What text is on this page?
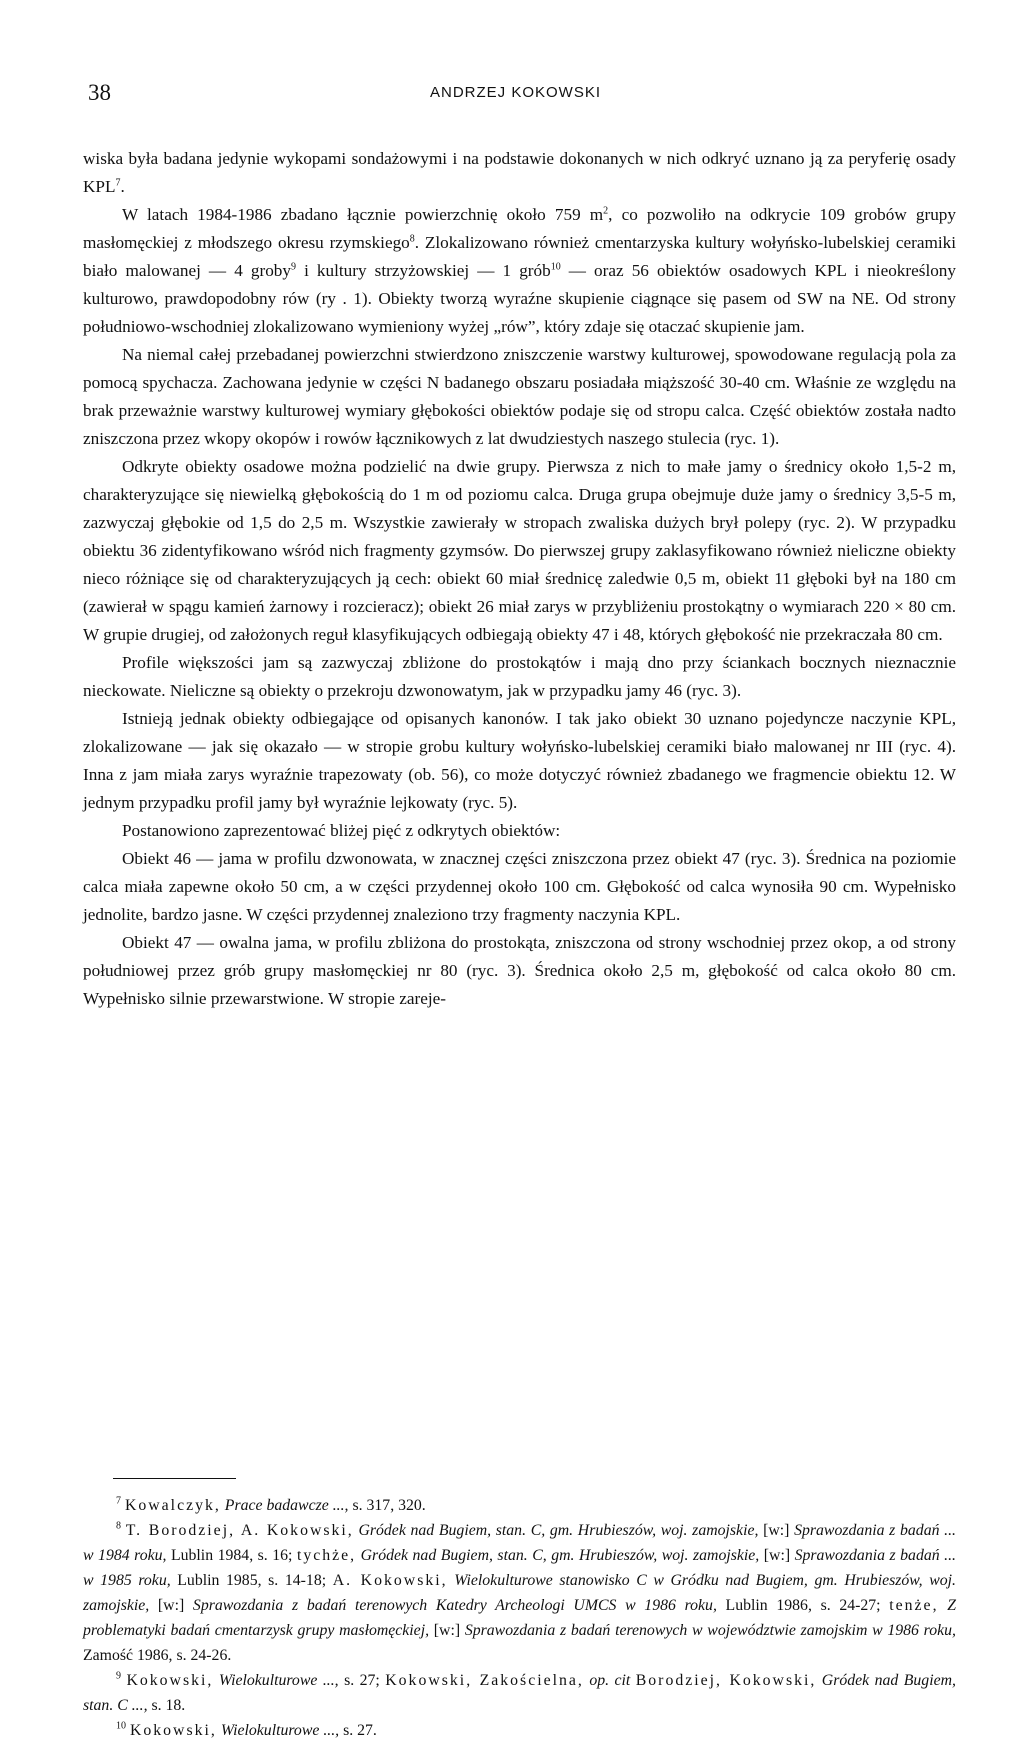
38	ANDRZEJ KOKOWSKI

wiska była badana jedynie wykopami sondażowymi i na podstawie dokonanych w nich odkryć uznano ją za peryferię osady KPL$^7$.

W latach 1984-1986 zbadano łącznie powierzchnię około 759 $m^2$, co pozwoliło na odkrycie 109 grobów grupy masłomęckiej z młodszego okresu rzymskiego$^8$. Zlokalizowano również cmentarzyska kultury wołyńsko-lubelskiej ceramiki biało malowanej — 4 groby$^9$ i kultury strzyżowskiej — 1 grób$^{10}$ — oraz 56 obiektów osadowych KPL i nieokreślony kulturowo, prawdopodobny rów (ry . 1). Obiekty tworzą wyraźne skupienie ciągnące się pasem od SW na NE. Od strony południowo-wschodniej zlokalizowano wymieniony wyżej „rów”, który zdaje się otaczać skupienie jam.

Na niemal całej przebadanej powierzchni stwierdzono zniszczenie warstwy kulturowej, spowodowane regulacją pola za pomocą spychacza. Zachowana jedynie w części N badanego obszaru posiadała miąższość 30-40 cm. Właśnie ze względu na brak przeważnie warstwy kulturowej wymiary głębokości obiektów podaje się od stropu calca. Część obiektów została nadto zniszczona przez wkopy okopów i rowów łącznikowych z lat dwudziestych naszego stulecia (ryc. 1).

Odkryte obiekty osadowe można podzielić na dwie grupy. Pierwsza z nich to małe jamy o średnicy około 1,5-2 m, charakteryzujące się niewielką głębokością do 1 m od poziomu calca. Druga grupa obejmuje duże jamy o średnicy 3,5-5 m, zazwyczaj głębokie od 1,5 do 2,5 m. Wszystkie zawierały w stropach zwaliska dużych brył polepy (ryc. 2). W przypadku obiektu 36 zidentyfikowano wśród nich fragmenty gzymsów. Do pierwszej grupy zaklasyfikowano również nieliczne obiekty nieco różniące się od charakteryzujących ją cech: obiekt 60 miał średnicę zaledwie 0,5 m, obiekt 11 głęboki był na 180 cm (zawierał w spągu kamień żarnowy i rozcieracz); obiekt 26 miał zarys w przybliżeniu prostokątny o wymiarach 220 × 80 cm. W grupie drugiej, od założonych reguł klasyfikujących odbiegają obiekty 47 i 48, których głębokość nie przekraczała 80 cm.

Profile większości jam są zazwyczaj zbliżone do prostokątów i mają dno przy ściankach bocznych nieznacznie nieckowate. Nieliczne są obiekty o przekroju dzwonowatym, jak w przypadku jamy 46 (ryc. 3).

Istnieją jednak obiekty odbiegające od opisanych kanonów. I tak jako obiekt 30 uznano pojedyncze naczynie KPL, zlokalizowane — jak się okazało — w stropie grobu kultury wołyńsko-lubelskiej ceramiki biało malowanej nr III (ryc. 4). Inna z jam miała zarys wyraźnie trapezowaty (ob. 56), co może dotyczyć również zbadanego we fragmencie obiektu 12. W jednym przypadku profil jamy był wyraźnie lejkowaty (ryc. 5).

Postanowiono zaprezentować bliżej pięć z odkrytych obiektów:

Obiekt 46 — jama w profilu dzwonowata, w znacznej części zniszczona przez obiekt 47 (ryc. 3). Średnica na poziomie calca miała zapewne około 50 cm, a w części przydennej około 100 cm. Głębokość od calca wynosiła 90 cm. Wypełnisko jednolite, bardzo jasne. W części przydennej znaleziono trzy fragmenty naczynia KPL.

Obiekt 47 — owalna jama, w profilu zbliżona do prostokąta, zniszczona od strony wschodniej przez okop, a od strony południowej przez grób grupy masłomęckiej nr 80 (ryc. 3). Średnica około 2,5 m, głębokość od calca około 80 cm. Wypełnisko silnie przewarstwione. W stropie zareje-

$^7$ Kowalczyk, Prace badawcze ..., s. 317, 320.

$^8$ T. Borodziej, A. Kokowski, Gródek nad Bugiem, stan. C, gm. Hrubieszów, woj. zamojskie, [w:] Sprawozdania z badań ... w 1984 roku, Lublin 1984, s. 16; tychże, Gródek nad Bugiem, stan. C, gm. Hrubieszów, woj. zamojskie, [w:] Sprawozdania z badań ... w 1985 roku, Lublin 1985, s. 14-18; A. Kokowski, Wielokulturowe stanowisko C w Gródku nad Bugiem, gm. Hrubieszów, woj. zamojskie, [w:] Sprawozdania z badań terenowych Katedry Archeologi UMCS w 1986 roku, Lublin 1986, s. 24-27; tenże, Z problematyki badań cmentarzysk grupy masłomęckiej, [w:] Sprawozdania z badań terenowych w województwie zamojskim w 1986 roku, Zamość 1986, s. 24-26.

$^9$ Kokowski, Wielokulturowe ..., s. 27; Kokowski, Zakościelna, op. cit Borodziej, Kokowski, Gródek nad Bugiem, stan. C ..., s. 18.

$^{10}$ Kokowski, Wielokulturowe ..., s. 27.
